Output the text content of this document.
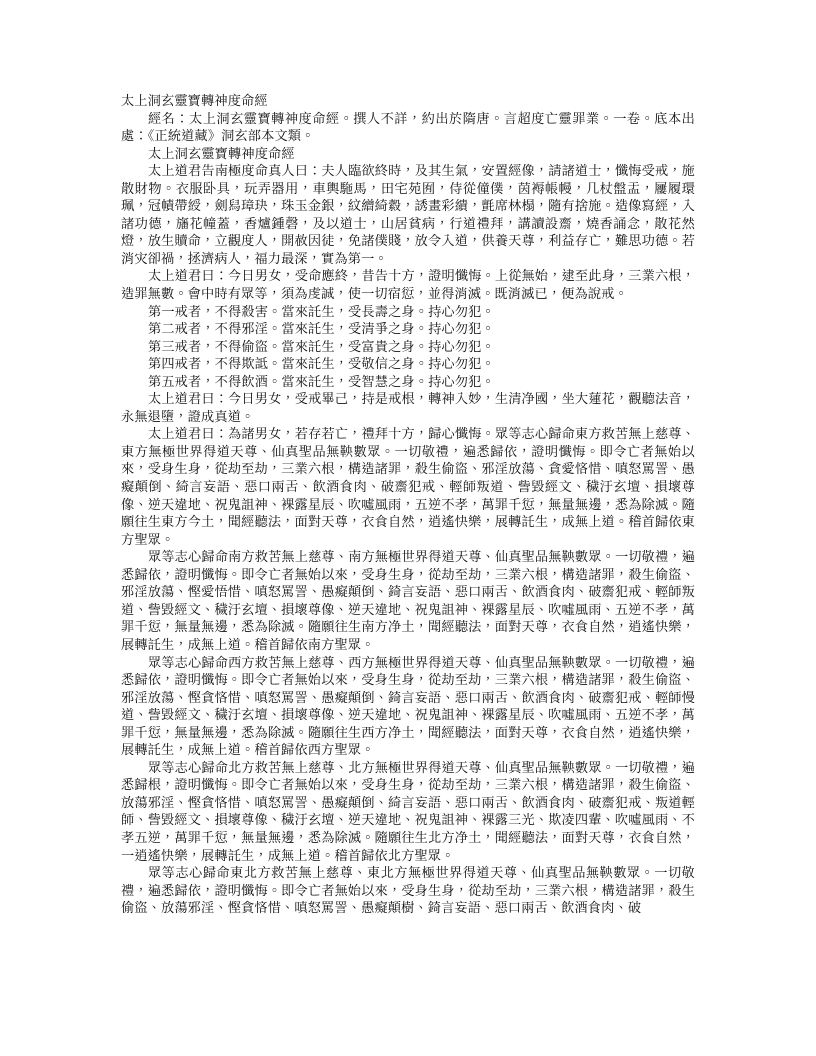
太上洞玄靈寶轉神度命經
經名：太上洞玄靈寶轉神度命經。撰人不詳，約出於隋唐。言超度亡靈罪業。一卷。底本出處：《正統道藏》洞玄部本文類。
太上洞玄靈寶轉神度命經
太上道君告南極度命真人曰：夫人臨欲終時，及其生氣，安置經像，請諸道士，懺悔受戒，施散財物。衣服卧具，玩弄器用，車輿駞馬，田宅苑囿，侍從僮僕，茵褥帳幔，几杖盤盂，屨履環珮，冠幘帶綬，劍舄璋玦，珠玉金銀，紋繒綺縠，誘畫彩繢，氈席林榻，隨有捨施。造像寫經，入諸功德，旛花幢蓋，香爐鍾磬，及以道士，山居貧病，行道禮拜，講讀設齋，燒香誦念，散花然燈，放生贖命，立觀度人，開赦因徒，免諸僕賤，放令入道，供養天尊，利益存亡，難思功德。若消灾卻禍，拯濟病人，福力最深，實為第一。
太上道君曰：今日男女，受命應終，昔告十方，證明懺悔。上從無始，逮至此身，三業六根，造罪無數。會中時有眾等，須為虔誠，使一切宿愆，並得消滅。既消滅已，便為說戒。
第一戒者，不得殺害。當來託生，受長壽之身。持心勿犯。
第二戒者，不得邪淫。當來託生，受清爭之身。持心勿犯。
第三戒者，不得偷盜。當來託生，受富貴之身。持心勿犯。
第四戒者，不得欺詆。當來託生，受敬信之身。持心勿犯。
第五戒者，不得飲酒。當來託生，受智慧之身。持心勿犯。
太上道君曰：今日男女，受戒畢己，持是戒根，轉神入妙，生清净國，坐大蓮花，觀聽法音，永無退墮，證成真道。
太上道君曰：為諸男女，若存若亡，禮拜十方，歸心懺悔。眾等志心歸命東方救苦無上慈尊、東方無極世界得道天尊、仙真聖品無鞅數眾。一切敬禮，遍悉歸依，證明懺悔。即令亡者無始以來，受身生身，從劫至劫，三業六根，構造諸罪，殺生偷盜、邪淫放蕩、貪愛悋惜、嗔怒罵詈、愚癡顛倒、綺言妄語、惡口兩舌、飲酒食肉、破齋犯戒、輕師叛道、訾毀經文、穢汙玄壇、損壞尊像、逆天違地、祝鬼詛神、裸露星辰、吹噓風雨，五逆不孝，萬罪千愆，無量無邊，悉為除滅。隨願往生東方今土，聞經聽法，面對天尊，衣食自然，逍遙快樂，展轉託生，成無上道。稽首歸依東方聖眾。
眾等志心歸命南方救苦無上慈尊、南方無極世界得道天尊、仙真聖品無鞅數眾。一切敬禮，遍悉歸依，證明懺悔。即令亡者無始以來，受身生身，從劫至劫，三業六根，構造諸罪，殺生偷盜、邪淫放蕩、慳愛悟惜、嗔怒罵詈、愚癡顛倒、錡言妄語、惡口兩舌、飲酒食肉、破齋犯戒、輕師叛道、訾毀經文、穢汙玄壇、損壞尊像、逆天違地、祝鬼詛神、裸露星辰、吹噓風雨、五逆不孝，萬罪千愆，無量無邊，悉為除滅。隨願往生南方净土，聞經聽法，面對天尊，衣食自然，逍遙快樂，展轉託生，成無上道。稽首歸依南方聖眾。
眾等志心歸命西方救苦無上慈尊、西方無極世界得道天尊、仙真聖品無鞅數眾。一切敬禮，遍悉歸依，證明懺悔。即令亡者無始以來，受身生身，從劫至劫，三業六根，構造諸罪，殺生偷盜、邪淫放蕩、慳貪悋惜、嗔怒罵詈、愚癡顛倒、錡言妄語、惡口兩舌、飲酒食肉、破齋犯戒、輕師慢道、訾毀經文、穢汙玄壇、損壞尊像、逆天違地、祝鬼詛神、裸露星辰、吹噓風雨、五逆不孝，萬罪千愆，無量無邊，悉為除滅。隨願往生西方净土，聞經聽法，面對天尊，衣食自然，逍遙快樂，展轉託生，成無上道。稽首歸依西方聖眾。
眾等志心歸命北方救苦無上慈尊、北方無極世界得道天尊、仙真聖品無鞅數眾。一切敬禮，遍悉歸根，證明懺悔。即令亡者無始以來，受身生身，從劫至劫，三業六根，構造諸罪，殺生偷盜、放蕩邪淫、慳貪悋惜、嗔怒罵詈、愚癡顛倒、綺言妄語、惡口兩舌、飲酒食肉、破齋犯戒、叛道輕師、訾毀經文、損壞尊像、穢汙玄壇、逆天違地、祝鬼詛神、裸露三光、欺凌四輩、吹噓風雨、不孝五逆，萬罪千愆，無量無邊，悉為除滅。隨願往生北方净土，聞經聽法，面對天尊，衣食自然，一逍遙快樂，展轉託生，成無上道。稽首歸依北方聖眾。
眾等志心歸命東北方救苦無上慈尊、東北方無極世界得道天尊、仙真聖品無鞅數眾。一切敬禮，遍悉歸依，證明懺悔。即令亡者無始以來，受身生身，從劫至劫，三業六根，構造諸罪，殺生偷盜、放蕩邪淫、慳貪悋惜、嗔怒罵詈、愚癡顛樹、錡言妄語、惡口兩舌、飲酒食肉、破
